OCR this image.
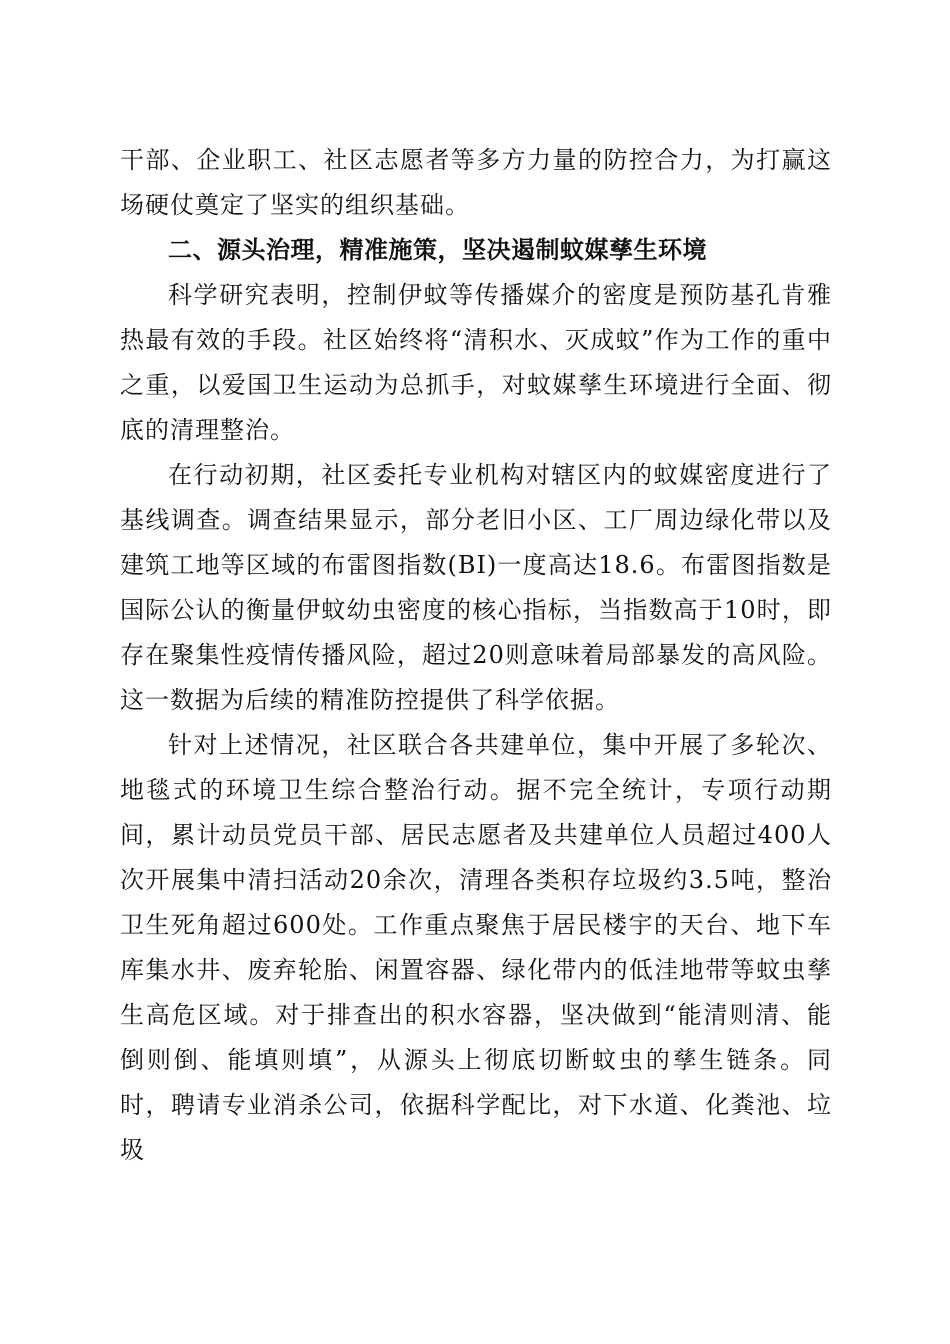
干部、企业职工、社区志愿者等多方力量的防控合力，为打赢这场硬仗奠定了坚实的组织基础。

二、源头治理，精准施策，坚决遏制蚊媒孳生环境

科学研究表明，控制伊蚊等传播媒介的密度是预防基孔肯雅热最有效的手段。社区始终将“清积水、灭成蚊”作为工作的重中之重，以爱国卫生运动为总抓手，对蚊媒孳生环境进行全面、彻底的清理整治。

在行动初期，社区委托专业机构对辖区内的蚊媒密度进行了基线调查。调查结果显示，部分老旧小区、工厂周边绿化带以及建筑工地等区域的布雷图指数(BI)一度高达18.6。布雷图指数是国际公认的衡量伊蚊幼虫密度的核心指标，当指数高于10时，即存在聚集性疫情传播风险，超过20则意味着局部暴发的高风险。这一数据为后续的精准防控提供了科学依据。

针对上述情况，社区联合各共建单位，集中开展了多轮次、地毯式的环境卫生综合整治行动。据不完全统计，专项行动期间，累计动员党员干部、居民志愿者及共建单位人员超过400人次开展集中清扫活动20余次，清理各类积存垃圾约3.5吨，整治卫生死角超过600处。工作重点聚焦于居民楼宇的天台、地下车库集水井、废弃轮胎、闲置容器、绿化带内的低洼地带等蚊虫孳生高危区域。对于排查出的积水容器，坚决做到“能清则清、能倒则倒、能填则填”，从源头上彻底切断蚊虫的孳生链条。同时，聘请专业消杀公司，依据科学配比，对下水道、化粪池、垃圾
